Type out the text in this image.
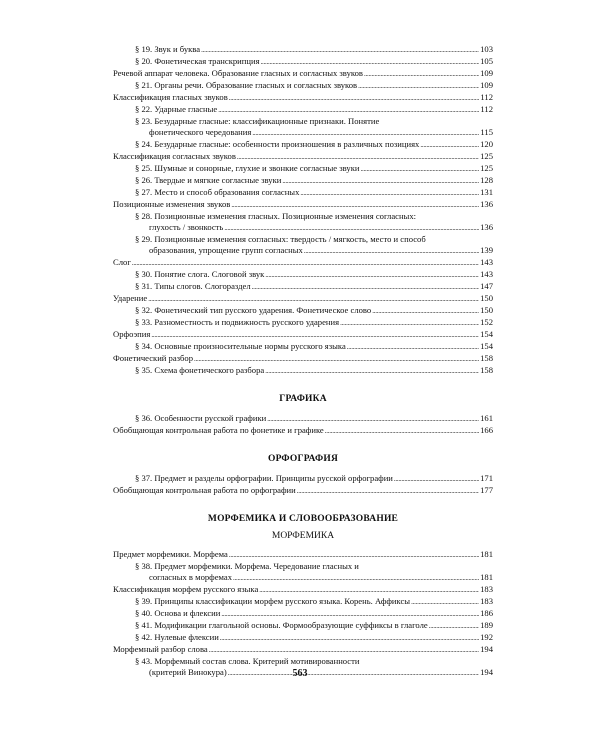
§ 19. Звук и буква . . .	103
§ 20. Фонетическая транскрипция . . .	105
Речевой аппарат человека. Образование гласных и согласных звуков . . .	109
§ 21. Органы речи. Образование гласных и согласных звуков . . .	109
Классификация гласных звуков . . .	112
§ 22. Ударные гласные . . .	112
§ 23. Безударные гласные: классификационные признаки. Понятие
фонетического чередования . . .	115
§ 24. Безударные гласные: особенности произношения в различных позициях . . .	120
Классификация согласных звуков . . .	125
§ 25. Шумные и сонорные, глухие и звонкие согласные звуки . . .	125
§ 26. Твердые и мягкие согласные звуки . . .	128
§ 27. Место и способ образования согласных . . .	131
Позиционные изменения звуков . . .	136
§ 28. Позиционные изменения гласных. Позиционные изменения согласных:
глухость / звонкость . . .	136
§ 29. Позиционные изменения согласных: твердость / мягкость, место и способ
образования, упрощение групп согласных . . .	139
Слог . . .	143
§ 30. Понятие слога. Слоговой звук . . .	143
§ 31. Типы слогов. Слогораздел . . .	147
Ударение . . .	150
§ 32. Фонетический тип русского ударения. Фонетическое слово . . .	150
§ 33. Разноместность и подвижность русского ударения . . .	152
Орфоэпия . . .	154
§ 34. Основные произносительные нормы русского языка . . .	154
Фонетический разбор . . .	158
§ 35. Схема фонетического разбора . . .	158
ГРАФИКА
§ 36. Особенности русской графики . . .	161
Обобщающая контрольная работа по фонетике и графике . . .	166
ОРФОГРАФИЯ
§ 37. Предмет и разделы орфографии. Принципы русской орфографии . . .	171
Обобщающая контрольная работа по орфографии . . .	177
МОРФЕМИКА И СЛОВООБРАЗОВАНИЕ
МОРФЕМИКА
Предмет морфемики. Морфема . . .	181
§ 38. Предмет морфемики. Морфема. Чередование гласных и
согласных в морфемах . . .	181
Классификация морфем русского языка . . .	183
§ 39. Принципы классификации морфем русского языка. Корень. Аффиксы . . .	183
§ 40. Основа и флексии . . .	186
§ 41. Модификации глагольной основы. Формообразующие суффиксы в глаголе . . .	189
§ 42. Нулевые флексии . . .	192
Морфемный разбор слова . . .	194
§ 43. Морфемный состав слова. Критерий мотивированности
(критерий Винокура) . . .	194
563
